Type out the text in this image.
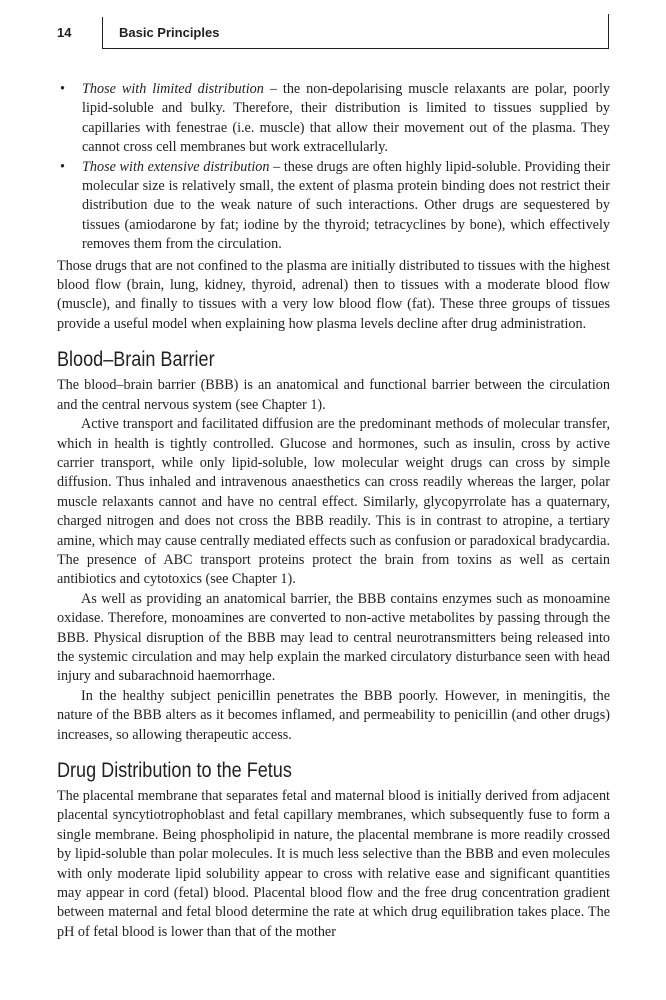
14	Basic Principles
• Those with limited distribution – the non-depolarising muscle relaxants are polar, poorly lipid-soluble and bulky. Therefore, their distribution is limited to tissues supplied by capillaries with fenestrae (i.e. muscle) that allow their movement out of the plasma. They cannot cross cell membranes but work extracellularly.
• Those with extensive distribution – these drugs are often highly lipid-soluble. Providing their molecular size is relatively small, the extent of plasma protein binding does not restrict their distribution due to the weak nature of such interactions. Other drugs are sequestered by tissues (amiodarone by fat; iodine by the thyroid; tetracyclines by bone), which effectively removes them from the circulation.

Those drugs that are not confined to the plasma are initially distributed to tissues with the highest blood flow (brain, lung, kidney, thyroid, adrenal) then to tissues with a moderate blood flow (muscle), and finally to tissues with a very low blood flow (fat). These three groups of tissues provide a useful model when explaining how plasma levels decline after drug administration.

Blood–Brain Barrier

The blood–brain barrier (BBB) is an anatomical and functional barrier between the circulation and the central nervous system (see Chapter 1).

Active transport and facilitated diffusion are the predominant methods of molecular transfer, which in health is tightly controlled. Glucose and hormones, such as insulin, cross by active carrier transport, while only lipid-soluble, low molecular weight drugs can cross by simple diffusion. Thus inhaled and intravenous anaesthetics can cross readily whereas the larger, polar muscle relaxants cannot and have no central effect. Similarly, glycopyrrolate has a quaternary, charged nitrogen and does not cross the BBB readily. This is in contrast to atropine, a tertiary amine, which may cause centrally mediated effects such as confusion or paradoxical bradycardia. The presence of ABC transport proteins protect the brain from toxins as well as certain antibiotics and cytotoxics (see Chapter 1).

As well as providing an anatomical barrier, the BBB contains enzymes such as monoamine oxidase. Therefore, monoamines are converted to non-active metabolites by passing through the BBB. Physical disruption of the BBB may lead to central neurotransmitters being released into the systemic circulation and may help explain the marked circulatory disturbance seen with head injury and subarachnoid haemorrhage.

In the healthy subject penicillin penetrates the BBB poorly. However, in meningitis, the nature of the BBB alters as it becomes inflamed, and permeability to penicillin (and other drugs) increases, so allowing therapeutic access.

Drug Distribution to the Fetus

The placental membrane that separates fetal and maternal blood is initially derived from adjacent placental syncytiotrophoblast and fetal capillary membranes, which subsequently fuse to form a single membrane. Being phospholipid in nature, the placental membrane is more readily crossed by lipid-soluble than polar molecules. It is much less selective than the BBB and even molecules with only moderate lipid solubility appear to cross with relative ease and significant quantities may appear in cord (fetal) blood. Placental blood flow and the free drug concentration gradient between maternal and fetal blood determine the rate at which drug equilibration takes place. The pH of fetal blood is lower than that of the mother
